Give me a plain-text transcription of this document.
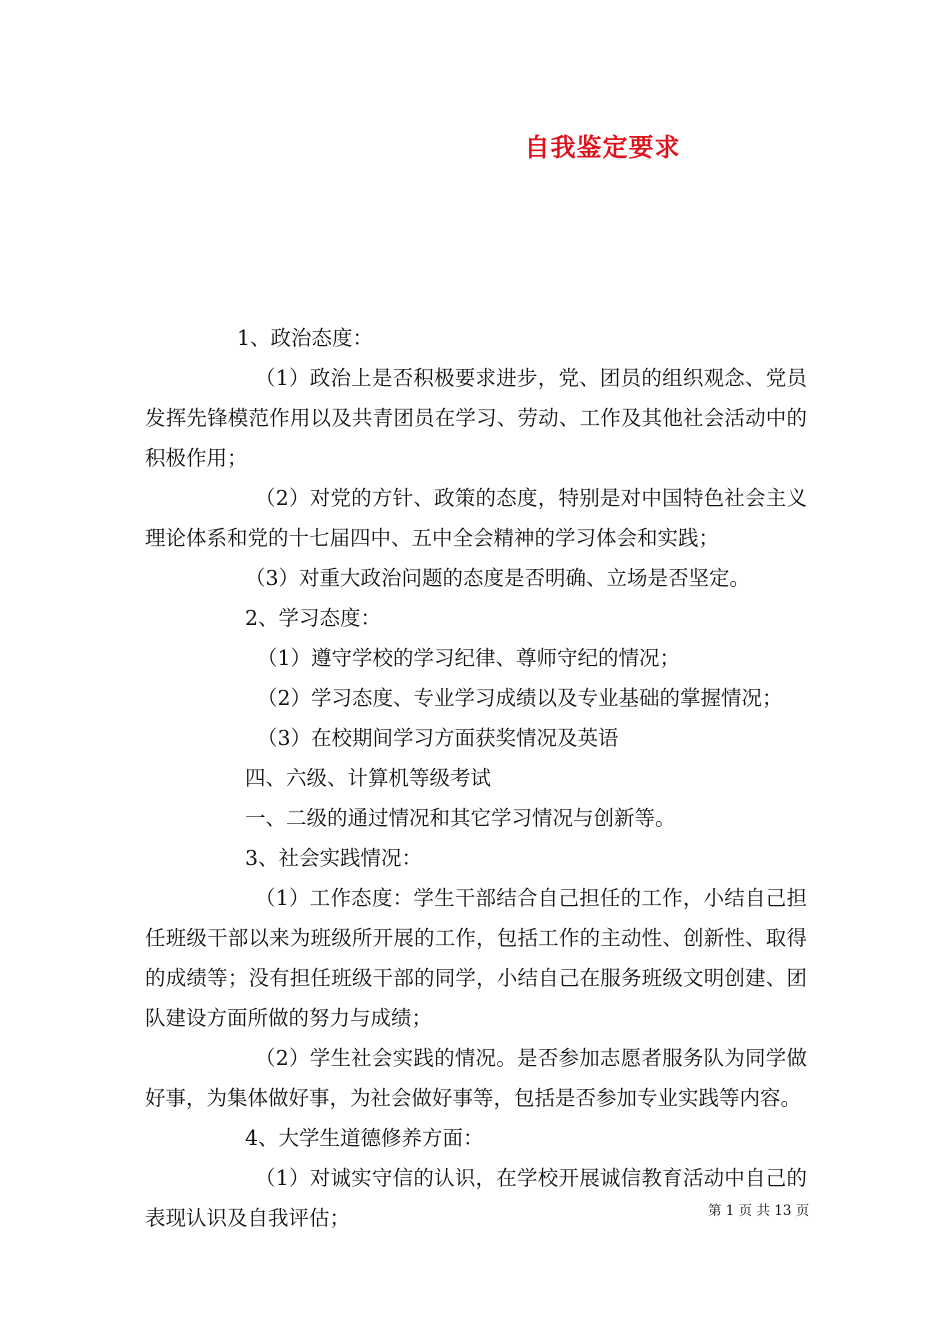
自我鉴定要求

1、政治态度：

（1）政治上是否积极要求进步，党、团员的组织观念、党员发挥先锋模范作用以及共青团员在学习、劳动、工作及其他社会活动中的积极作用；

（2）对党的方针、政策的态度，特别是对中国特色社会主义理论体系和党的十七届四中、五中全会精神的学习体会和实践；

（3）对重大政治问题的态度是否明确、立场是否坚定。

2、学习态度：

（1）遵守学校的学习纪律、尊师守纪的情况；

（2）学习态度、专业学习成绩以及专业基础的掌握情况；

（3）在校期间学习方面获奖情况及英语

四、六级、计算机等级考试

一、二级的通过情况和其它学习情况与创新等。

3、社会实践情况：

（1）工作态度：学生干部结合自己担任的工作，小结自己担任班级干部以来为班级所开展的工作，包括工作的主动性、创新性、取得的成绩等；没有担任班级干部的同学，小结自己在服务班级文明创建、团队建设方面所做的努力与成绩；

（2）学生社会实践的情况。是否参加志愿者服务队为同学做好事，为集体做好事，为社会做好事等，包括是否参加专业实践等内容。

4、大学生道德修养方面：

（1）对诚实守信的认识，在学校开展诚信教育活动中自己的表现认识及自我评估；	第 1 页 共 13 页
